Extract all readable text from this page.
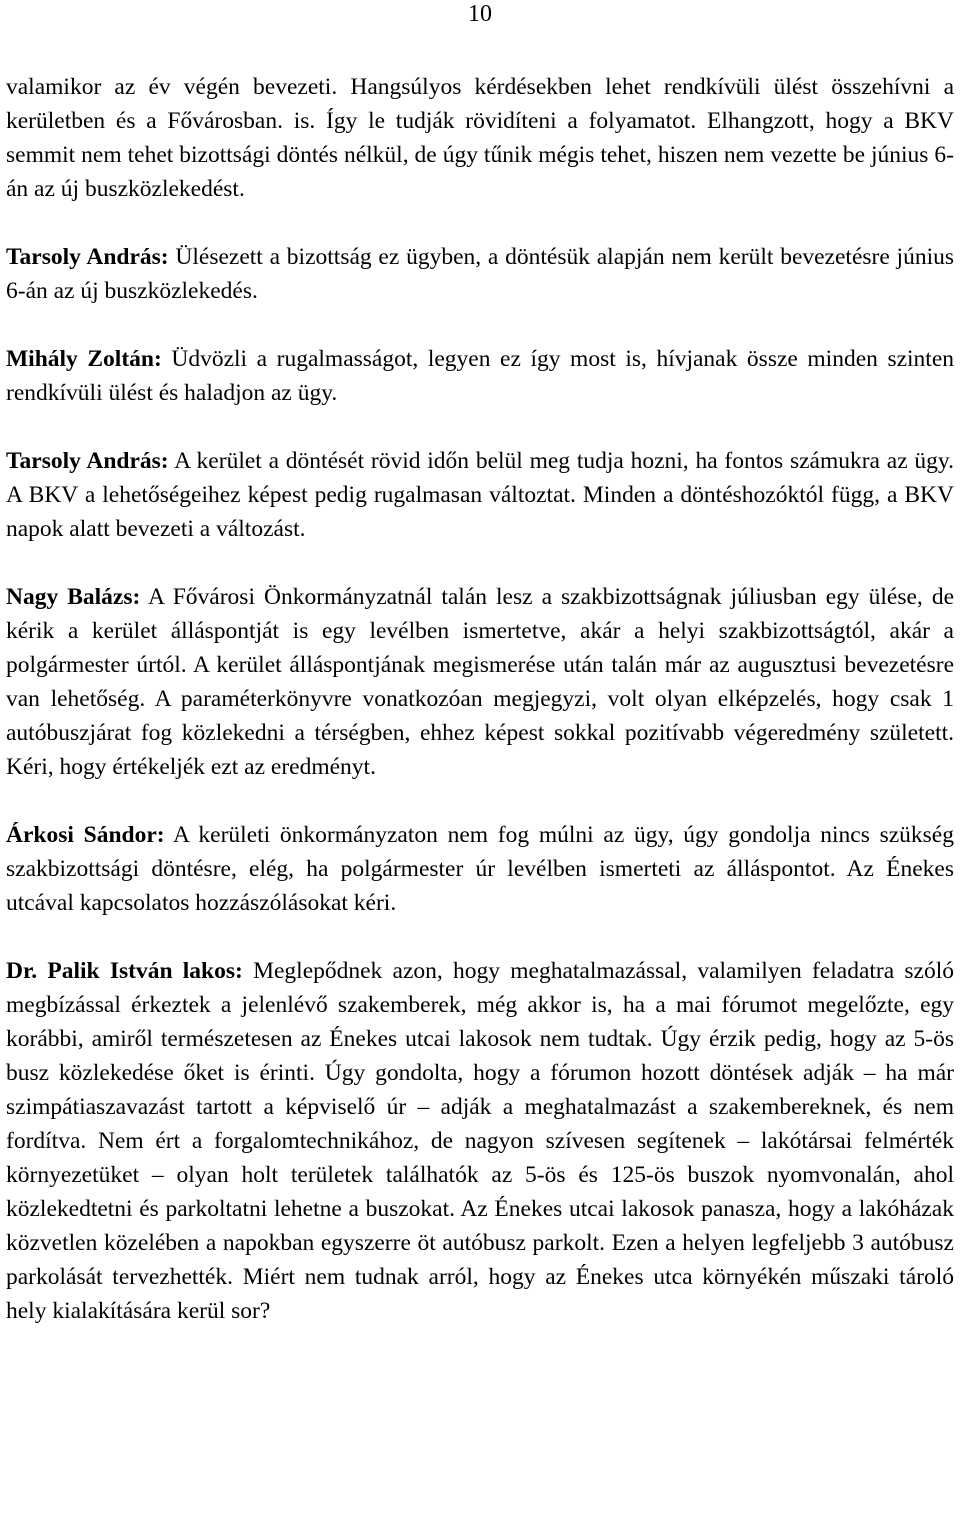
10

valamikor az év végén bevezeti. Hangsúlyos kérdésekben lehet rendkívüli ülést összehívni a kerületben és a Fővárosban. is. Így le tudják rövidíteni a folyamatot. Elhangzott, hogy a BKV semmit nem tehet bizottsági döntés nélkül, de úgy tűnik mégis tehet, hiszen nem vezette be június 6-án az új buszközlekedést.

Tarsoly András: Ülésezett a bizottság ez ügyben, a döntésük alapján nem került bevezetésre június 6-án az új buszközlekedés.

Mihály Zoltán: Üdvözli a rugalmasságot, legyen ez így most is, hívjanak össze minden szinten rendkívüli ülést és haladjon az ügy.

Tarsoly András: A kerület a döntését rövid időn belül meg tudja hozni, ha fontos számukra az ügy. A BKV a lehetőségeihez képest pedig rugalmasan változtat. Minden a döntéshozóktól függ, a BKV napok alatt bevezeti a változást.

Nagy Balázs: A Fővárosi Önkormányzatnál talán lesz a szakbizottságnak júliusban egy ülése, de kérik a kerület álláspontját is egy levélben ismertetve, akár a helyi szakbizottságtól, akár a polgármester úrtól. A kerület álláspontjának megismerése után talán már az augusztusi bevezetésre van lehetőség. A paraméterkönyvre vonatkozóan megjegyzi, volt olyan elképzelés, hogy csak 1 autóbuszjárat fog közlekedni a térségben, ehhez képest sokkal pozitívabb végeredmény született. Kéri, hogy értékeljék ezt az eredményt.

Árkosi Sándor: A kerületi önkormányzaton nem fog múlni az ügy, úgy gondolja nincs szükség szakbizottsági döntésre, elég, ha polgármester úr levélben ismerteti az álláspontot. Az Énekes utcával kapcsolatos hozzászólásokat kéri.

Dr. Palik István lakos: Meglepődnek azon, hogy meghatalmazással, valamilyen feladatra szóló megbízással érkeztek a jelenlévő szakemberek, még akkor is, ha a mai fórumot megelőzte, egy korábbi, amiről természetesen az Énekes utcai lakosok nem tudtak. Úgy érzik pedig, hogy az 5-ös busz közlekedése őket is érinti. Úgy gondolta, hogy a fórumon hozott döntések adják – ha már szimpátiaszavazást tartott a képviselő úr – adják a meghatalmazást a szakembereknek, és nem fordítva. Nem ért a forgalomtechnikához, de nagyon szívesen segítenek – lakótársai felmérték környezetüket – olyan holt területek találhatók az 5-ös és 125-ös buszok nyomvonalán, ahol közlekedtetni és parkoltatni lehetne a buszokat. Az Énekes utcai lakosok panasza, hogy a lakóházak közvetlen közelében a napokban egyszerre öt autóbusz parkolt. Ezen a helyen legfeljebb 3 autóbusz parkolását tervezhették. Miért nem tudnak arról, hogy az Énekes utca környékén műszaki tároló hely kialakítására kerül sor?
